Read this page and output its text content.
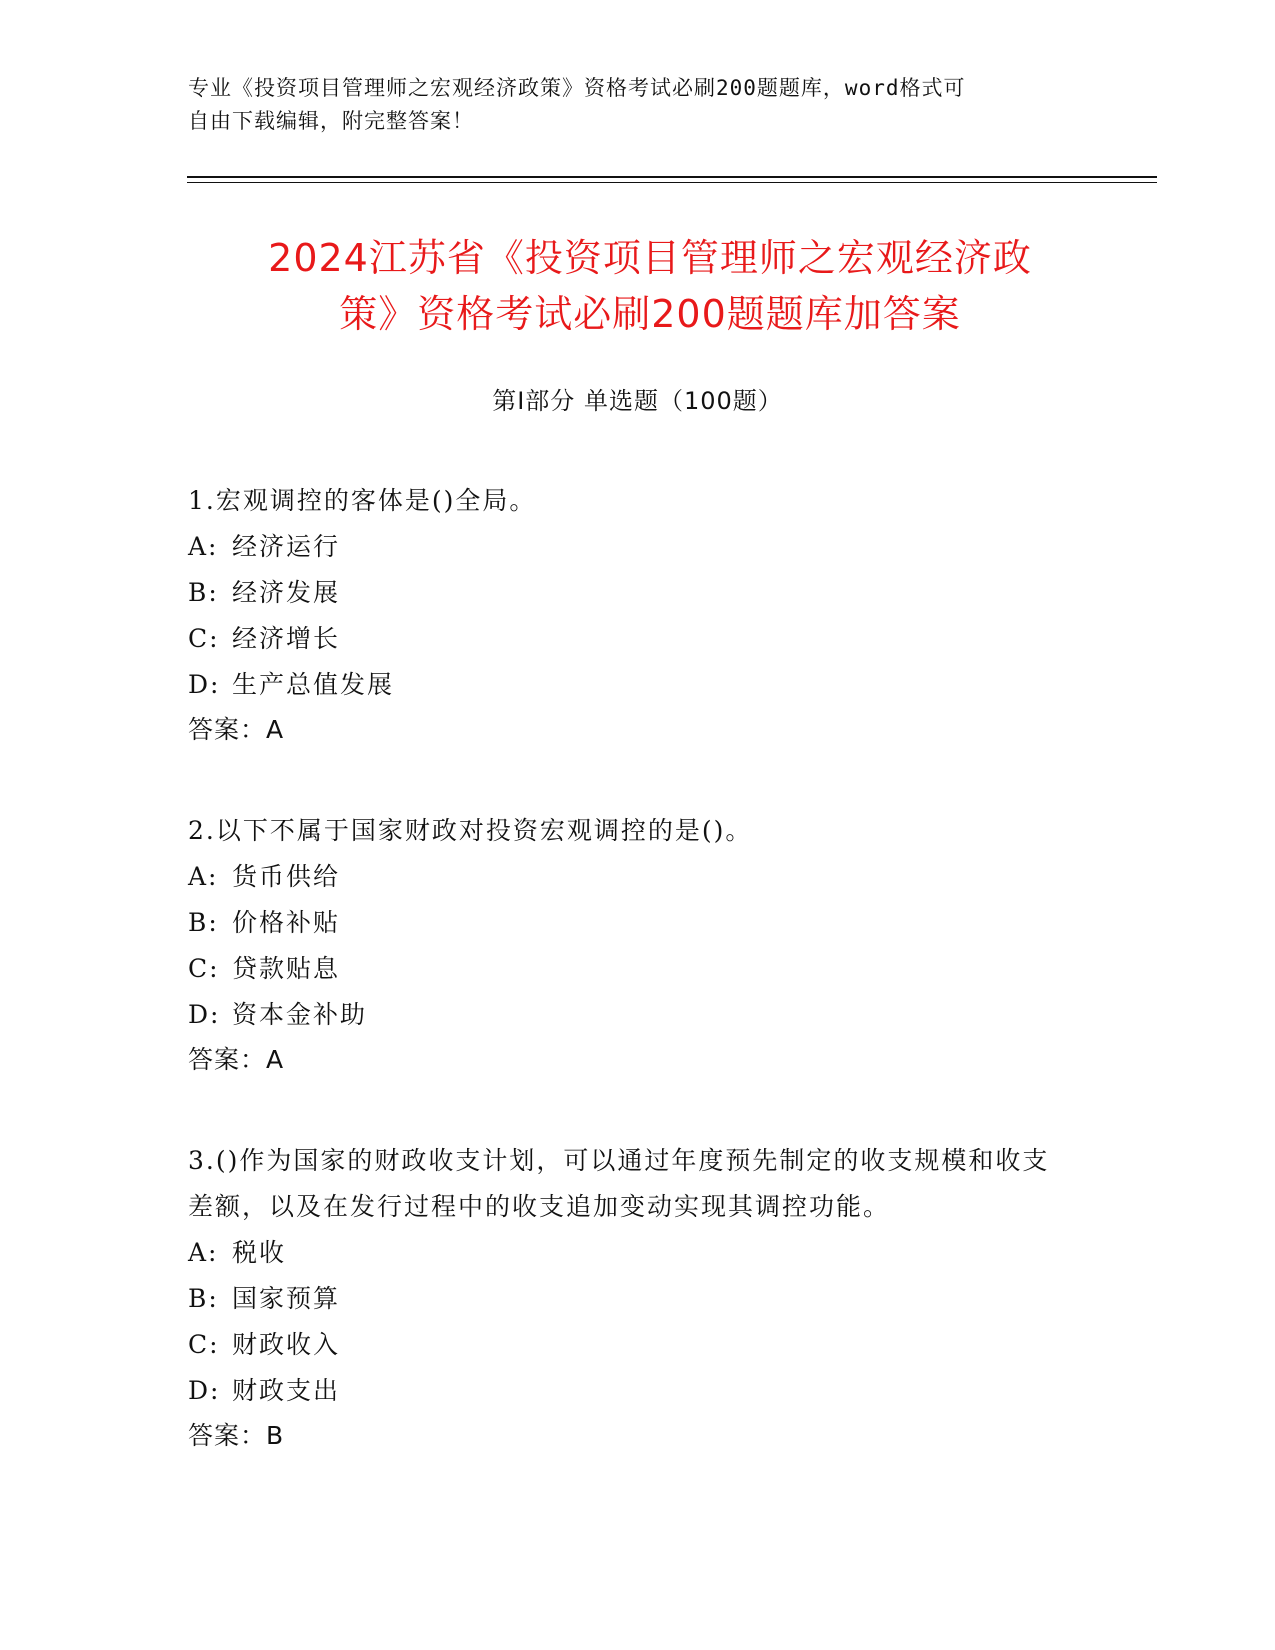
专业《投资项目管理师之宏观经济政策》资格考试必刷200题题库，word格式可
自由下载编辑，附完整答案！
2024江苏省《投资项目管理师之宏观经济政
策》资格考试必刷200题题库加答案
第Ⅰ部分 单选题（100题）
1.宏观调控的客体是()全局。
A: 经济运行
B: 经济发展
C: 经济增长
D: 生产总值发展
答案：A
2.以下不属于国家财政对投资宏观调控的是()。
A: 货币供给
B: 价格补贴
C: 贷款贴息
D: 资本金补助
答案：A
3.()作为国家的财政收支计划，可以通过年度预先制定的收支规模和收支差额，以及在发行过程中的收支追加变动实现其调控功能。
A: 税收
B: 国家预算
C: 财政收入
D: 财政支出
答案：B
